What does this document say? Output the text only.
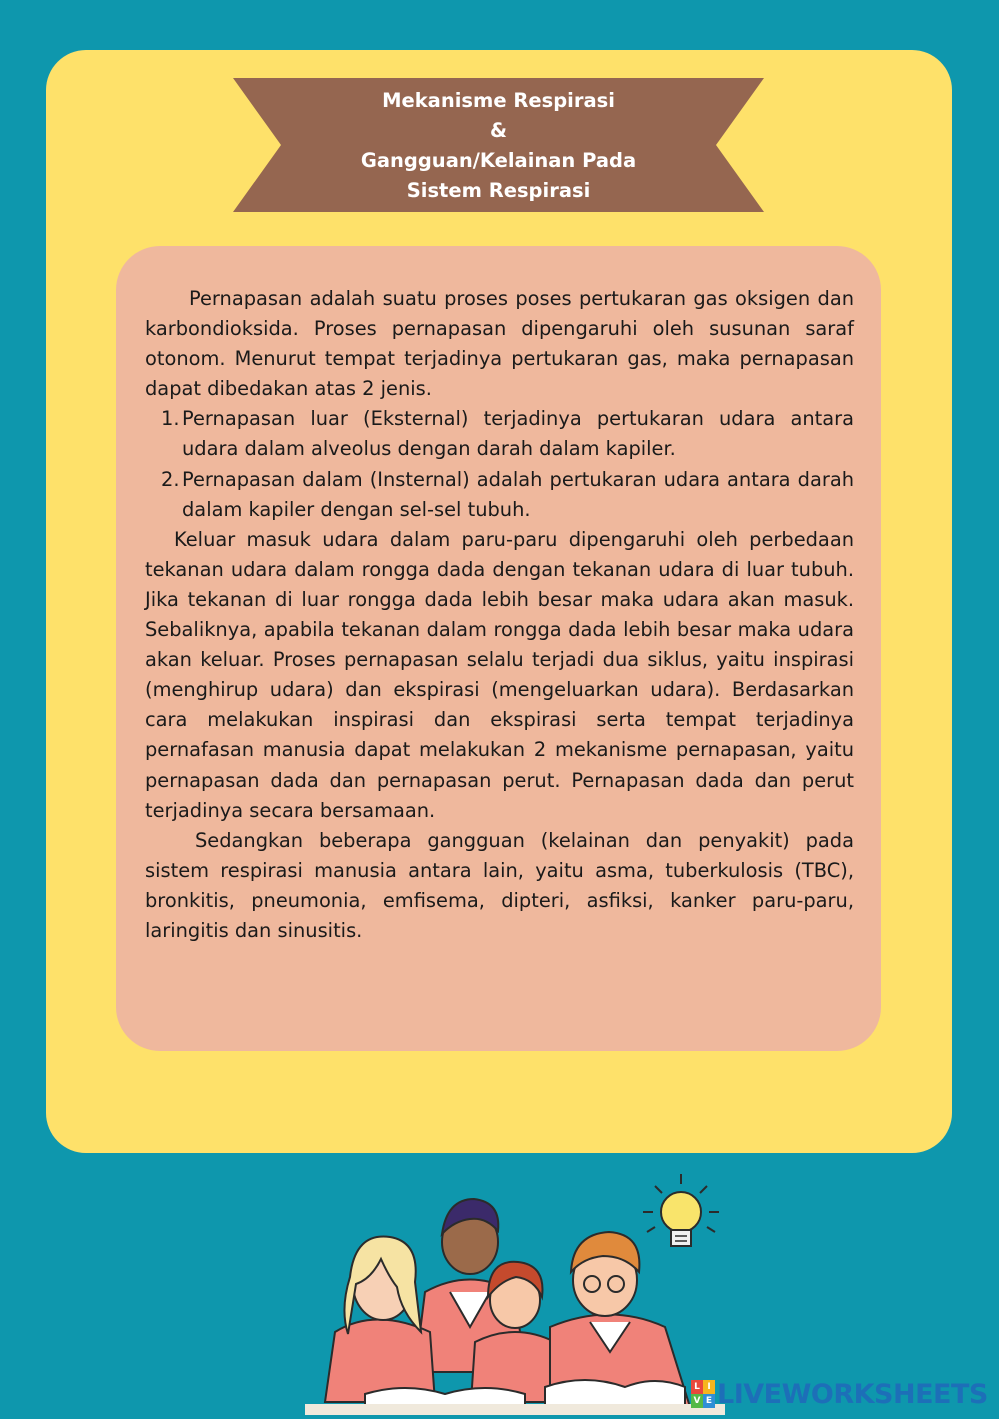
Mekanisme Respirasi
&
Gangguan/Kelainan Pada
Sistem Respirasi

Pernapasan adalah suatu proses poses pertukaran gas oksigen dan karbondioksida. Proses pernapasan dipengaruhi oleh susunan saraf otonom. Menurut tempat terjadinya pertukaran gas, maka pernapasan dapat dibedakan atas 2 jenis.

1. Pernapasan luar (Eksternal) terjadinya pertukaran udara antara udara dalam alveolus dengan darah dalam kapiler.
2. Pernapasan dalam (Insternal) adalah pertukaran udara antara darah dalam kapiler dengan sel-sel tubuh.

Keluar masuk udara dalam paru-paru dipengaruhi oleh perbedaan tekanan udara dalam rongga dada dengan tekanan udara di luar tubuh. Jika tekanan di luar rongga dada lebih besar maka udara akan masuk. Sebaliknya, apabila tekanan dalam rongga dada lebih besar maka udara akan keluar. Proses pernapasan selalu terjadi dua siklus, yaitu inspirasi (menghirup udara) dan ekspirasi (mengeluarkan udara). Berdasarkan cara melakukan inspirasi dan ekspirasi serta tempat terjadinya pernafasan manusia dapat melakukan 2 mekanisme pernapasan, yaitu pernapasan dada dan pernapasan perut. Pernapasan dada dan perut terjadinya secara bersamaan.

Sedangkan beberapa gangguan (kelainan dan penyakit) pada sistem respirasi manusia antara lain, yaitu asma, tuberkulosis (TBC), bronkitis, pneumonia, emfisema, dipteri, asfiksi, kanker paru-paru, laringitis dan sinusitis.

L I
V E LIVEWORKSHEETS
